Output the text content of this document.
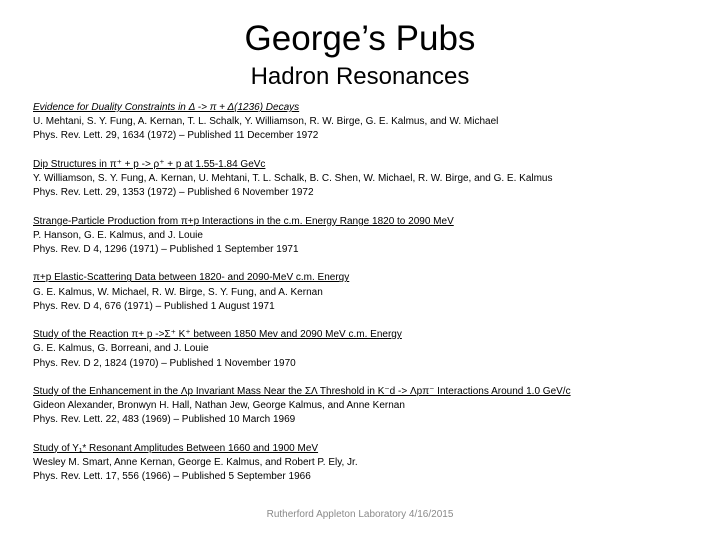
George’s Pubs
Hadron Resonances
Evidence for Duality Constraints in Δ -> π + Δ(1236) Decays
U. Mehtani, S. Y. Fung, A. Kernan, T. L. Schalk, Y. Williamson, R. W. Birge, G. E. Kalmus, and W. Michael
Phys. Rev. Lett. 29, 1634 (1972) – Published 11 December 1972
Dip Structures in π⁺ + p -> ρ⁺ + p at 1.55-1.84 GeVc
Y. Williamson, S. Y. Fung, A. Kernan, U. Mehtani, T. L. Schalk, B. C. Shen, W. Michael, R. W. Birge, and G. E. Kalmus
Phys. Rev. Lett. 29, 1353 (1972) – Published 6 November 1972
Strange-Particle Production from π+p Interactions in the c.m. Energy Range 1820 to 2090 MeV
P. Hanson, G. E. Kalmus, and J. Louie
Phys. Rev. D 4, 1296 (1971) – Published 1 September 1971
π+p Elastic-Scattering Data between 1820- and 2090-MeV c.m. Energy
G. E. Kalmus, W. Michael, R. W. Birge, S. Y. Fung, and A. Kernan
Phys. Rev. D 4, 676 (1971) – Published 1 August 1971
Study of the Reaction π+ p ->Σ⁺ K⁺ between 1850 Mev and 2090 MeV c.m. Energy
G. E. Kalmus, G. Borreani, and J. Louie
Phys. Rev. D 2, 1824 (1970) – Published 1 November 1970
Study of the Enhancement in the Λp Invariant Mass Near the ΣΛ Threshold in K⁻d -> Λpπ⁻ Interactions Around 1.0 GeV/c
Gideon Alexander, Bronwyn H. Hall, Nathan Jew, George Kalmus, and Anne Kernan
Phys. Rev. Lett. 22, 483 (1969) – Published 10 March 1969
Study of Y₁* Resonant Amplitudes Between 1660 and 1900 MeV
Wesley M. Smart, Anne Kernan, George E. Kalmus, and Robert P. Ely, Jr.
Phys. Rev. Lett. 17, 556 (1966) – Published 5 September 1966
Rutherford Appleton Laboratory 4/16/2015
